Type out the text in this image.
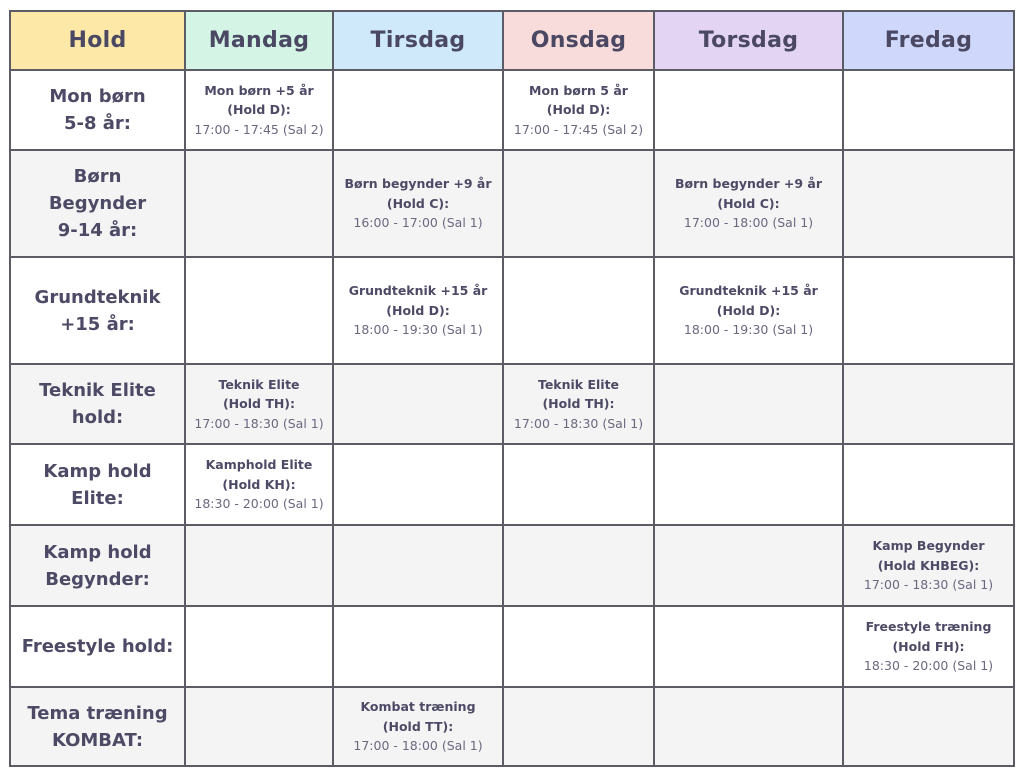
Hold	Mandag	Tirsdag	Onsdag	Torsdag	Fredag

Mon børn
5-8 år:	Mon børn +5 år
(Hold D):
17:00 - 17:45 (Sal 2)		Mon børn 5 år
(Hold D):
17:00 - 17:45 (Sal 2)		

Børn
Begynder
9-14 år:		Børn begynder +9 år
(Hold C):
16:00 - 17:00 (Sal 1)		Børn begynder +9 år
(Hold C):
17:00 - 18:00 (Sal 1)	

Grundteknik
+15 år:		Grundteknik +15 år
(Hold D):
18:00 - 19:30 (Sal 1)		Grundteknik +15 år
(Hold D):
18:00 - 19:30 (Sal 1)	

Teknik Elite
hold:	Teknik Elite
(Hold TH):
17:00 - 18:30 (Sal 1)		Teknik Elite
(Hold TH):
17:00 - 18:30 (Sal 1)		

Kamp hold
Elite:	Kamphold Elite
(Hold KH):
18:30 - 20:00 (Sal 1)				

Kamp hold
Begynder:					Kamp Begynder
(Hold KHBEG):
17:00 - 18:30 (Sal 1)

Freestyle hold:					Freestyle træning
(Hold FH):
18:30 - 20:00 (Sal 1)

Tema træning
KOMBAT:		Kombat træning
(Hold TT):
17:00 - 18:00 (Sal 1)			
